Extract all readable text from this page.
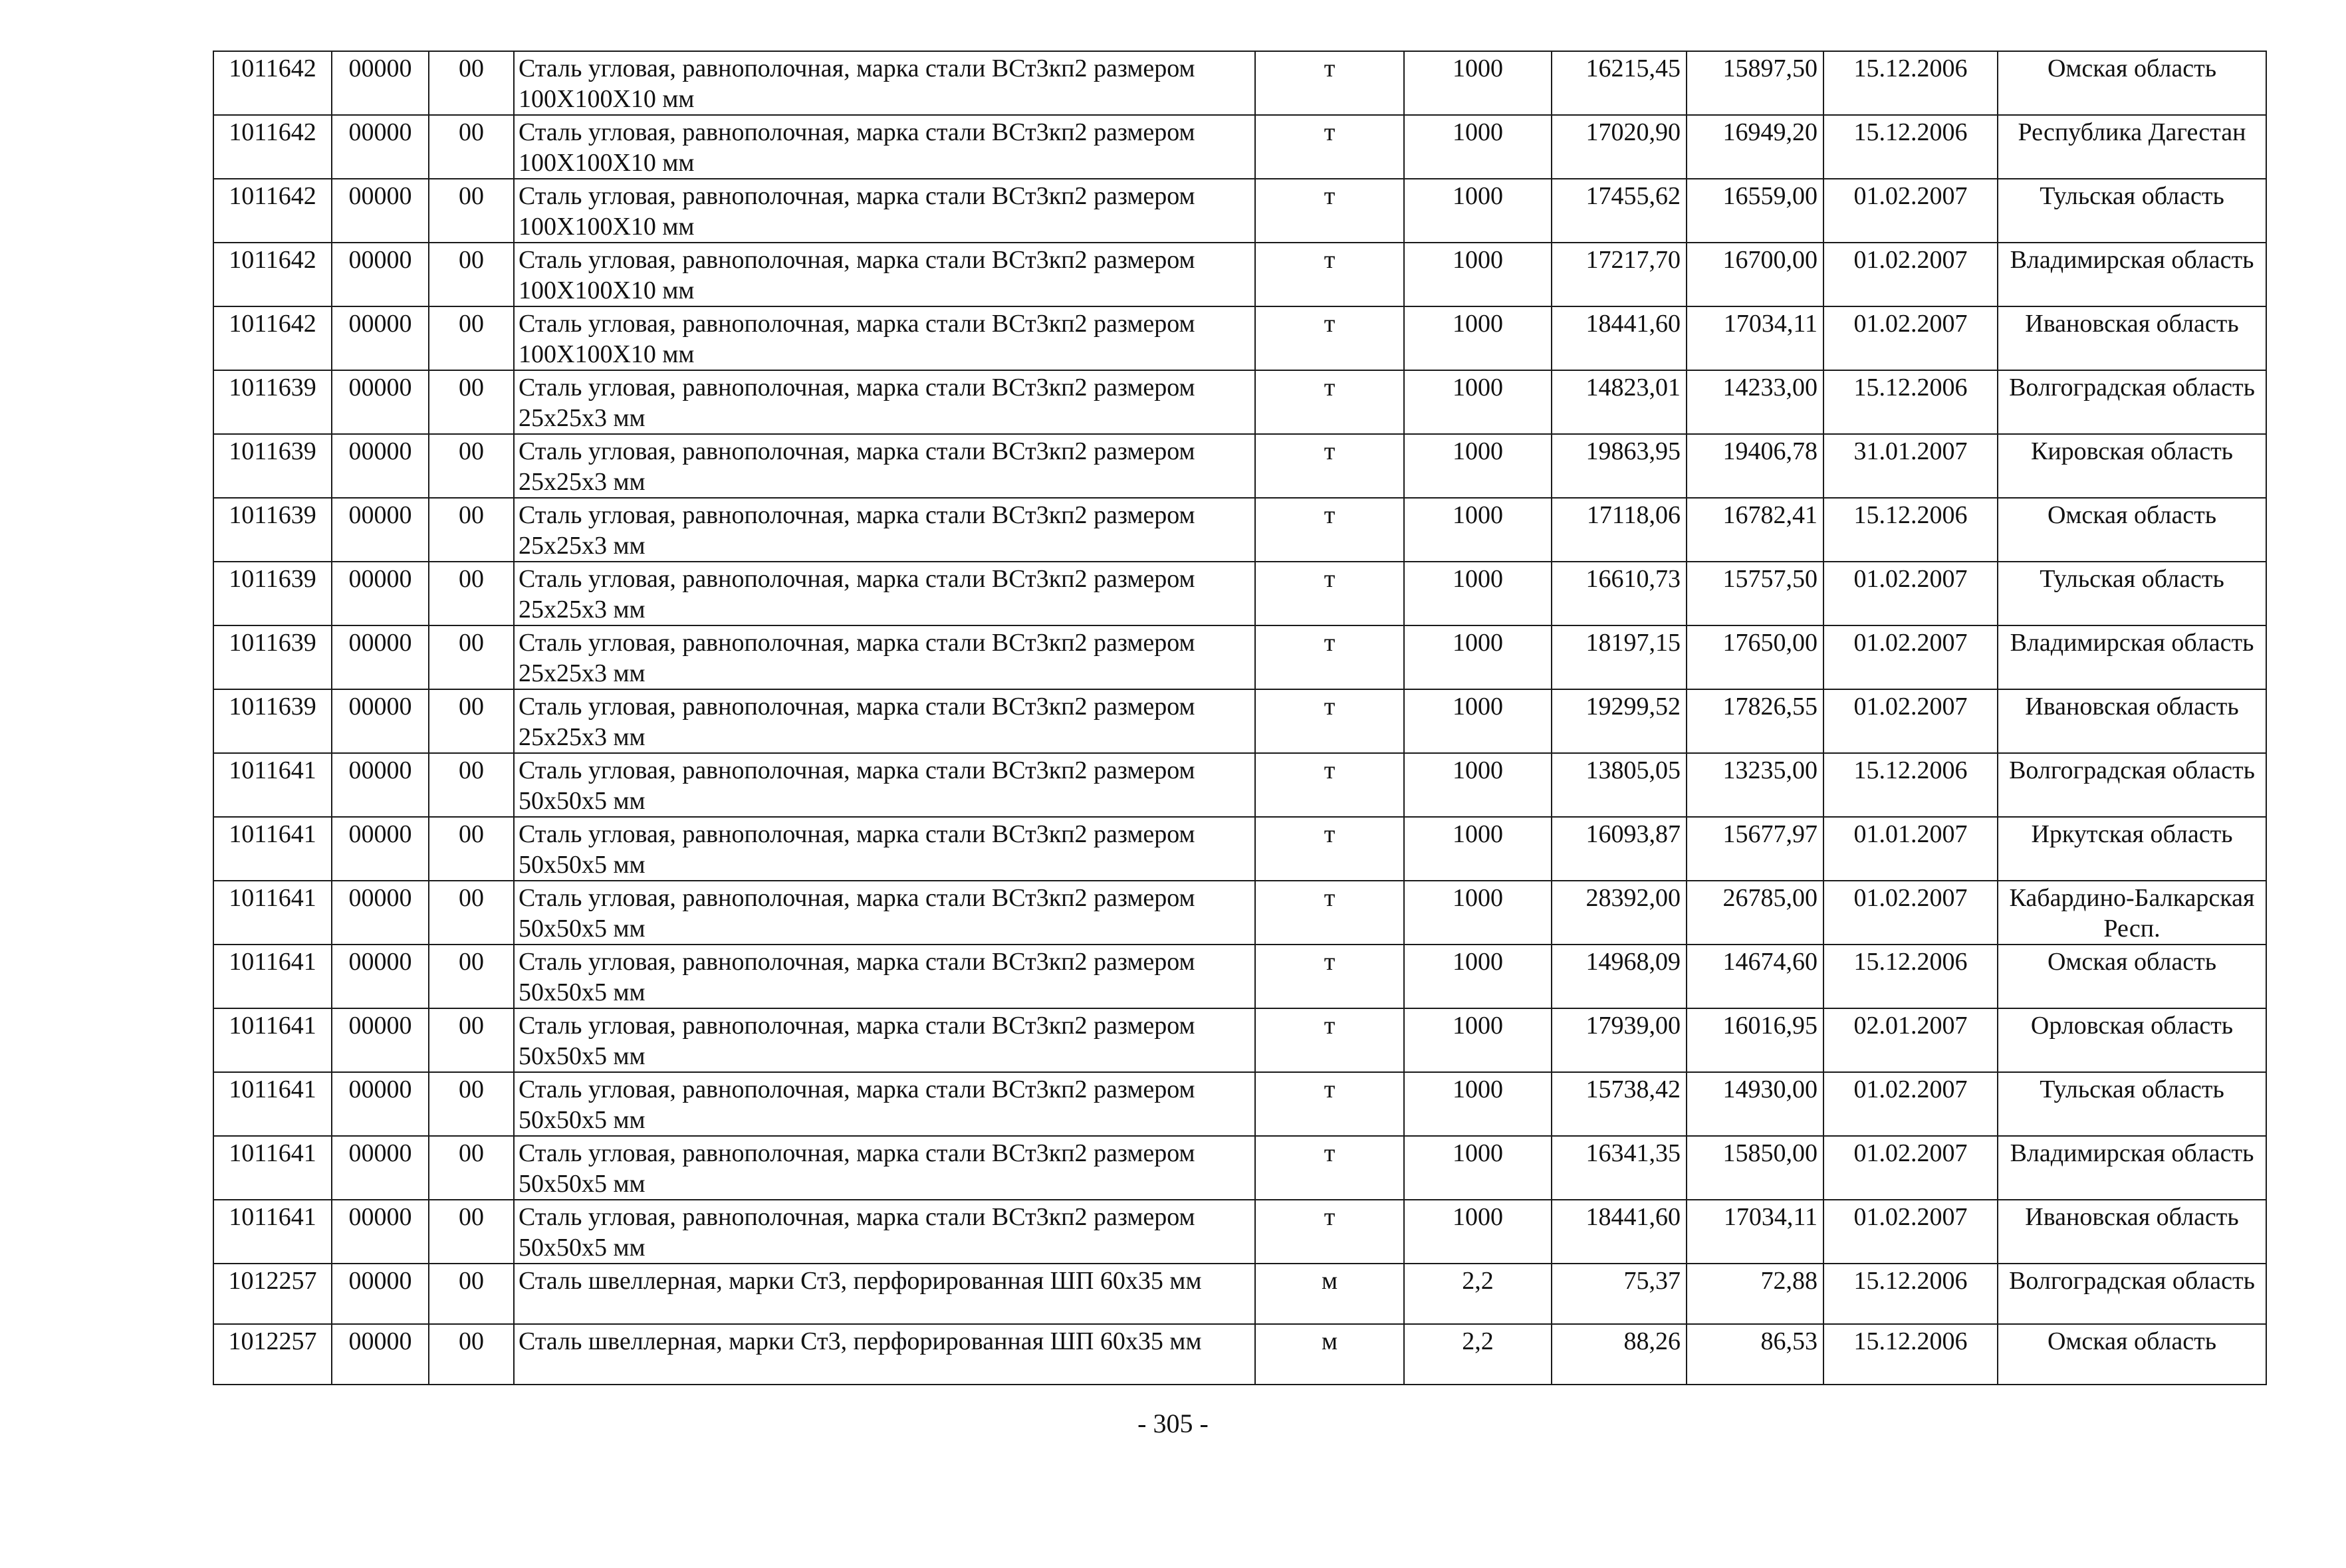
1011642	00000	00	Сталь угловая, равнополочная, марка стали ВСт3кп2 размером 100Х100Х10 мм	т	1000	16215,45	15897,50	15.12.2006	Омская область
1011642	00000	00	Сталь угловая, равнополочная, марка стали ВСт3кп2 размером 100Х100Х10 мм	т	1000	17020,90	16949,20	15.12.2006	Республика Дагестан
1011642	00000	00	Сталь угловая, равнополочная, марка стали ВСт3кп2 размером 100Х100Х10 мм	т	1000	17455,62	16559,00	01.02.2007	Тульская область
1011642	00000	00	Сталь угловая, равнополочная, марка стали ВСт3кп2 размером 100Х100Х10 мм	т	1000	17217,70	16700,00	01.02.2007	Владимирская область
1011642	00000	00	Сталь угловая, равнополочная, марка стали ВСт3кп2 размером 100Х100Х10 мм	т	1000	18441,60	17034,11	01.02.2007	Ивановская область
1011639	00000	00	Сталь угловая, равнополочная, марка стали ВСт3кп2 размером 25х25х3 мм	т	1000	14823,01	14233,00	15.12.2006	Волгоградская область
1011639	00000	00	Сталь угловая, равнополочная, марка стали ВСт3кп2 размером 25х25х3 мм	т	1000	19863,95	19406,78	31.01.2007	Кировская область
1011639	00000	00	Сталь угловая, равнополочная, марка стали ВСт3кп2 размером 25х25х3 мм	т	1000	17118,06	16782,41	15.12.2006	Омская область
1011639	00000	00	Сталь угловая, равнополочная, марка стали ВСт3кп2 размером 25х25х3 мм	т	1000	16610,73	15757,50	01.02.2007	Тульская область
1011639	00000	00	Сталь угловая, равнополочная, марка стали ВСт3кп2 размером 25х25х3 мм	т	1000	18197,15	17650,00	01.02.2007	Владимирская область
1011639	00000	00	Сталь угловая, равнополочная, марка стали ВСт3кп2 размером 25х25х3 мм	т	1000	19299,52	17826,55	01.02.2007	Ивановская область
1011641	00000	00	Сталь угловая, равнополочная, марка стали ВСт3кп2 размером 50х50х5 мм	т	1000	13805,05	13235,00	15.12.2006	Волгоградская область
1011641	00000	00	Сталь угловая, равнополочная, марка стали ВСт3кп2 размером 50х50х5 мм	т	1000	16093,87	15677,97	01.01.2007	Иркутская область
1011641	00000	00	Сталь угловая, равнополочная, марка стали ВСт3кп2 размером 50х50х5 мм	т	1000	28392,00	26785,00	01.02.2007	Кабардино-Балкарская Респ.
1011641	00000	00	Сталь угловая, равнополочная, марка стали ВСт3кп2 размером 50х50х5 мм	т	1000	14968,09	14674,60	15.12.2006	Омская область
1011641	00000	00	Сталь угловая, равнополочная, марка стали ВСт3кп2 размером 50х50х5 мм	т	1000	17939,00	16016,95	02.01.2007	Орловская область
1011641	00000	00	Сталь угловая, равнополочная, марка стали ВСт3кп2 размером 50х50х5 мм	т	1000	15738,42	14930,00	01.02.2007	Тульская область
1011641	00000	00	Сталь угловая, равнополочная, марка стали ВСт3кп2 размером 50х50х5 мм	т	1000	16341,35	15850,00	01.02.2007	Владимирская область
1011641	00000	00	Сталь угловая, равнополочная, марка стали ВСт3кп2 размером 50х50х5 мм	т	1000	18441,60	17034,11	01.02.2007	Ивановская область
1012257	00000	00	Сталь швеллерная, марки Ст3, перфорированная ШП 60х35 мм	м	2,2	75,37	72,88	15.12.2006	Волгоградская область
1012257	00000	00	Сталь швеллерная, марки Ст3, перфорированная ШП 60х35 мм	м	2,2	88,26	86,53	15.12.2006	Омская область
- 305 -
